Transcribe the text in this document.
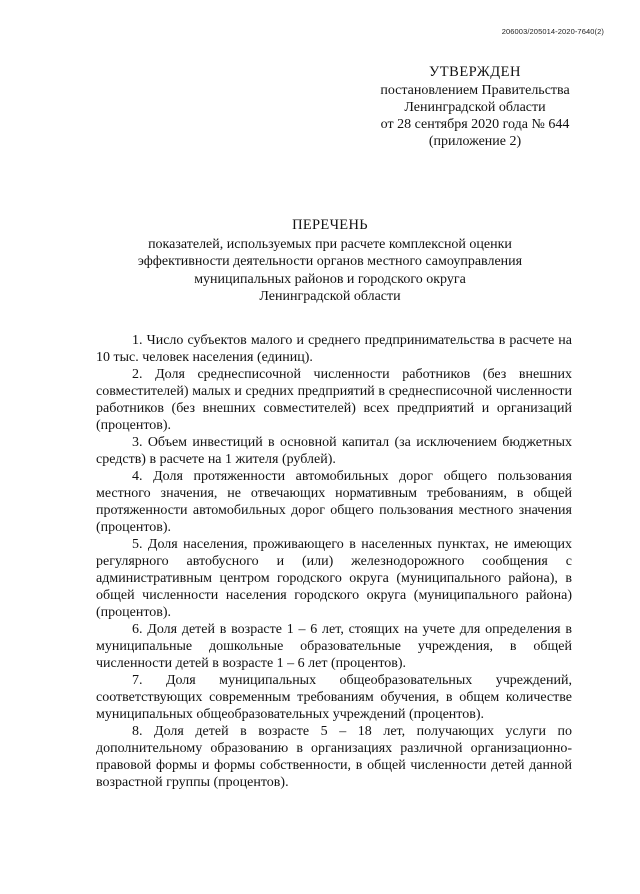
206003/205014-2020-7640(2)
УТВЕРЖДЕН
постановлением Правительства
Ленинградской области
от 28 сентября 2020 года № 644
(приложение 2)
ПЕРЕЧЕНЬ
показателей, используемых при расчете комплексной оценки
эффективности деятельности органов местного самоуправления
муниципальных районов и городского округа
Ленинградской области

1. Число субъектов малого и среднего предпринимательства в расчете на 10 тыс. человек населения (единиц).

2. Доля среднесписочной численности работников (без внешних совместителей) малых и средних предприятий в среднесписочной численности работников (без внешних совместителей) всех предприятий и организаций (процентов).

3. Объем инвестиций в основной капитал (за исключением бюджетных средств) в расчете на 1 жителя (рублей).

4. Доля протяженности автомобильных дорог общего пользования местного значения, не отвечающих нормативным требованиям, в общей протяженности автомобильных дорог общего пользования местного значения (процентов).

5. Доля населения, проживающего в населенных пунктах, не имеющих регулярного автобусного и (или) железнодорожного сообщения с административным центром городского округа (муниципального района), в общей численности населения городского округа (муниципального района) (процентов).

6. Доля детей в возрасте 1 – 6 лет, стоящих на учете для определения в муниципальные дошкольные образовательные учреждения, в общей численности детей в возрасте 1 – 6 лет (процентов).

7. Доля муниципальных общеобразовательных учреждений, соответствующих современным требованиям обучения, в общем количестве муниципальных общеобразовательных учреждений (процентов).

8. Доля детей в возрасте 5 – 18 лет, получающих услуги по дополнительному образованию в организациях различной организационно-правовой формы и формы собственности, в общей численности детей данной возрастной группы (процентов).
